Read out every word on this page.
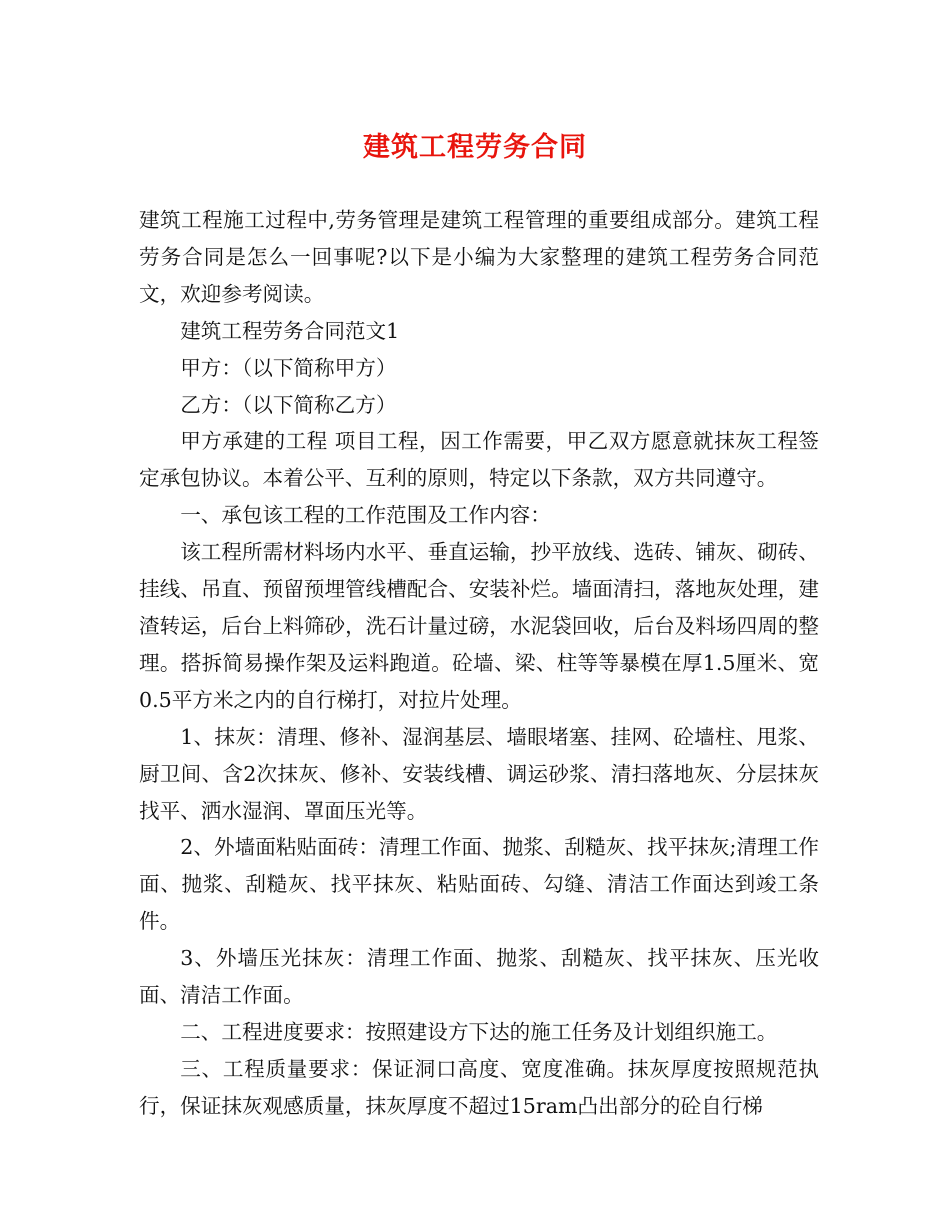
建筑工程劳务合同

建筑工程施工过程中,劳务管理是建筑工程管理的重要组成部分。建筑工程劳务合同是怎么一回事呢?以下是小编为大家整理的建筑工程劳务合同范文，欢迎参考阅读。

建筑工程劳务合同范文1

甲方：（以下简称甲方）

乙方：（以下简称乙方）

甲方承建的工程 项目工程，因工作需要，甲乙双方愿意就抹灰工程签定承包协议。本着公平、互利的原则，特定以下条款，双方共同遵守。

一、承包该工程的工作范围及工作内容：

该工程所需材料场内水平、垂直运输，抄平放线、选砖、铺灰、砌砖、挂线、吊直、预留预埋管线槽配合、安装补烂。墙面清扫，落地灰处理，建渣转运，后台上料筛砂，洗石计量过磅，水泥袋回收，后台及料场四周的整理。搭拆简易操作架及运料跑道。砼墙、梁、柱等等暴模在厚1.5厘米、宽0.5平方米之内的自行梯打，对拉片处理。

1、抹灰：清理、修补、湿润基层、墙眼堵塞、挂网、砼墙柱、甩浆、厨卫间、含2次抹灰、修补、安装线槽、调运砂浆、清扫落地灰、分层抹灰找平、洒水湿润、罩面压光等。

2、外墙面粘贴面砖：清理工作面、抛浆、刮糙灰、找平抹灰;清理工作面、抛浆、刮糙灰、找平抹灰、粘贴面砖、勾缝、清洁工作面达到竣工条件。

3、外墙压光抹灰：清理工作面、抛浆、刮糙灰、找平抹灰、压光收面、清洁工作面。

二、工程进度要求：按照建设方下达的施工任务及计划组织施工。

三、工程质量要求：保证洞口高度、宽度准确。抹灰厚度按照规范执行，保证抹灰观感质量，抹灰厚度不超过15ram凸出部分的砼自行梯
